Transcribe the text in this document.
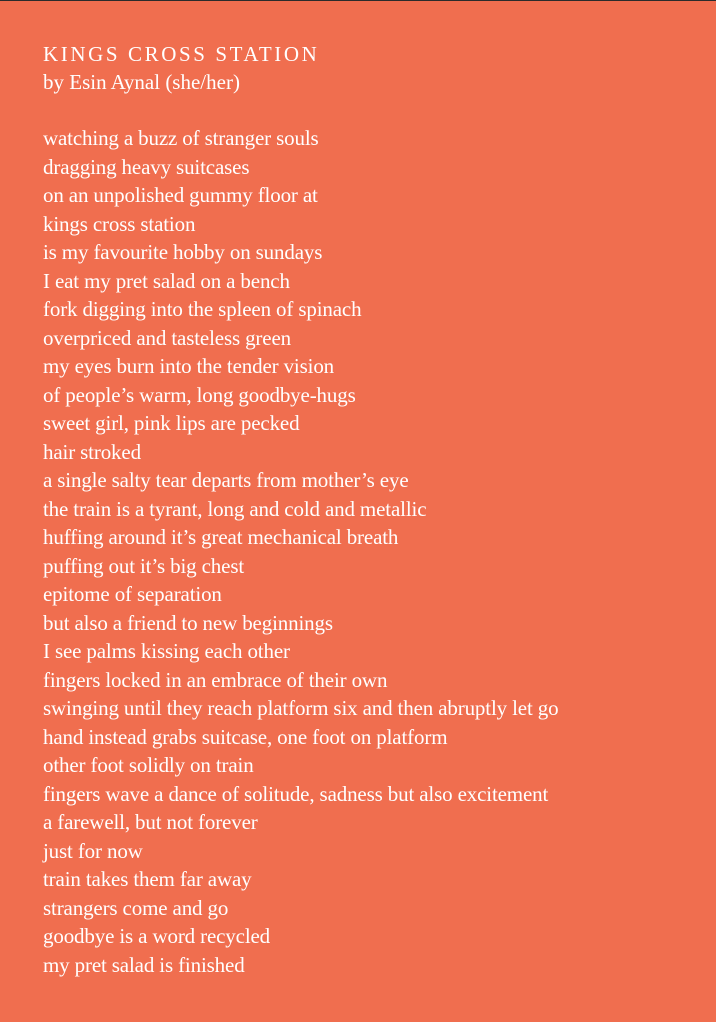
KINGS CROSS STATION

by Esin Aynal (she/her)

watching a buzz of stranger souls
dragging heavy suitcases
on an unpolished gummy floor at
kings cross station
is my favourite hobby on sundays
I eat my pret salad on a bench
fork digging into the spleen of spinach
overpriced and tasteless green
my eyes burn into the tender vision
of people’s warm, long goodbye-hugs
sweet girl, pink lips are pecked
hair stroked
a single salty tear departs from mother’s eye
the train is a tyrant, long and cold and metallic
huffing around it’s great mechanical breath
puffing out it’s big chest
epitome of separation
but also a friend to new beginnings
I see palms kissing each other
fingers locked in an embrace of their own
swinging until they reach platform six and then abruptly let go
hand instead grabs suitcase, one foot on platform
other foot solidly on train
fingers wave a dance of solitude, sadness but also excitement
a farewell, but not forever
just for now
train takes them far away
strangers come and go
goodbye is a word recycled
my pret salad is finished
